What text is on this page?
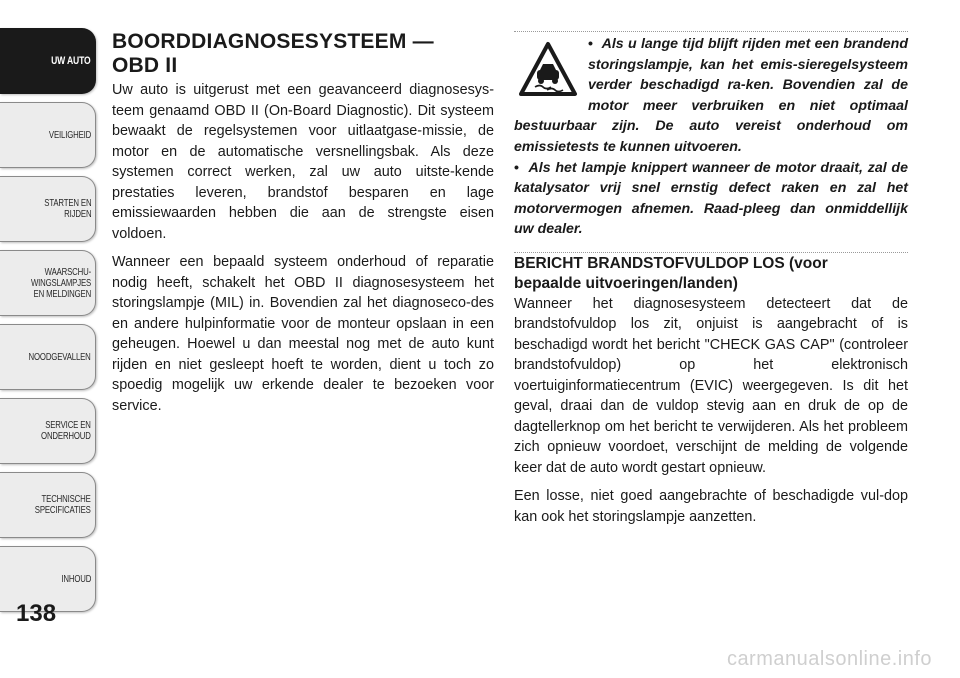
UW AUTO
VEILIGHEID
STARTEN EN
RIJDEN
WAARSCHU-
WINGSLAMPJES
EN MELDINGEN
NOODGEVALLEN
SERVICE EN
ONDERHOUD
TECHNISCHE
SPECIFICATIES
INHOUD
138
BOORDDIAGNOSESYSTEEM —
OBD II

Uw auto is uitgerust met een geavanceerd diagnosesys-teem genaamd OBD II (On-Board Diagnostic). Dit systeem bewaakt de regelsystemen voor uitlaatgase-missie, de motor en de automatische versnellingsbak. Als deze systemen correct werken, zal uw auto uitste-kende prestaties leveren, brandstof besparen en lage emissiewaarden hebben die aan de strengste eisen voldoen.

Wanneer een bepaald systeem onderhoud of reparatie nodig heeft, schakelt het OBD II diagnosesysteem het storingslampje (MIL) in. Bovendien zal het diagnoseco-des en andere hulpinformatie voor de monteur opslaan in een geheugen. Hoewel u dan meestal nog met de auto kunt rijden en niet gesleept hoeft te worden, dient u toch zo spoedig mogelijk uw erkende dealer te bezoeken voor service.

•  Als u lange tijd blijft rijden met een brandend storingslampje, kan het emis-sieregelsysteem verder beschadigd ra-ken. Bovendien zal de motor meer verbruiken en niet optimaal bestuurbaar zijn. De auto vereist onderhoud om emissietests te kunnen uitvoeren.

•  Als het lampje knippert wanneer de motor draait, zal de katalysator vrij snel ernstig defect raken en zal het motorvermogen afnemen. Raad-pleeg dan onmiddellijk uw dealer.

BERICHT BRANDSTOFVULDOP LOS (voor
bepaalde uitvoeringen/landen)

Wanneer het diagnosesysteem detecteert dat de brandstofvuldop los zit, onjuist is aangebracht of is beschadigd wordt het bericht "CHECK GAS CAP" (controleer brandstofvuldop) op het elektronisch voertuiginformatiecentrum (EVIC) weergegeven. Is dit het geval, draai dan de vuldop stevig aan en druk de op de dagtellerknop om het bericht te verwijderen. Als het probleem zich opnieuw voordoet, verschijnt de melding de volgende keer dat de auto wordt gestart opnieuw.

Een losse, niet goed aangebrachte of beschadigde vul-dop kan ook het storingslampje aanzetten.

carmanualsonline.info
